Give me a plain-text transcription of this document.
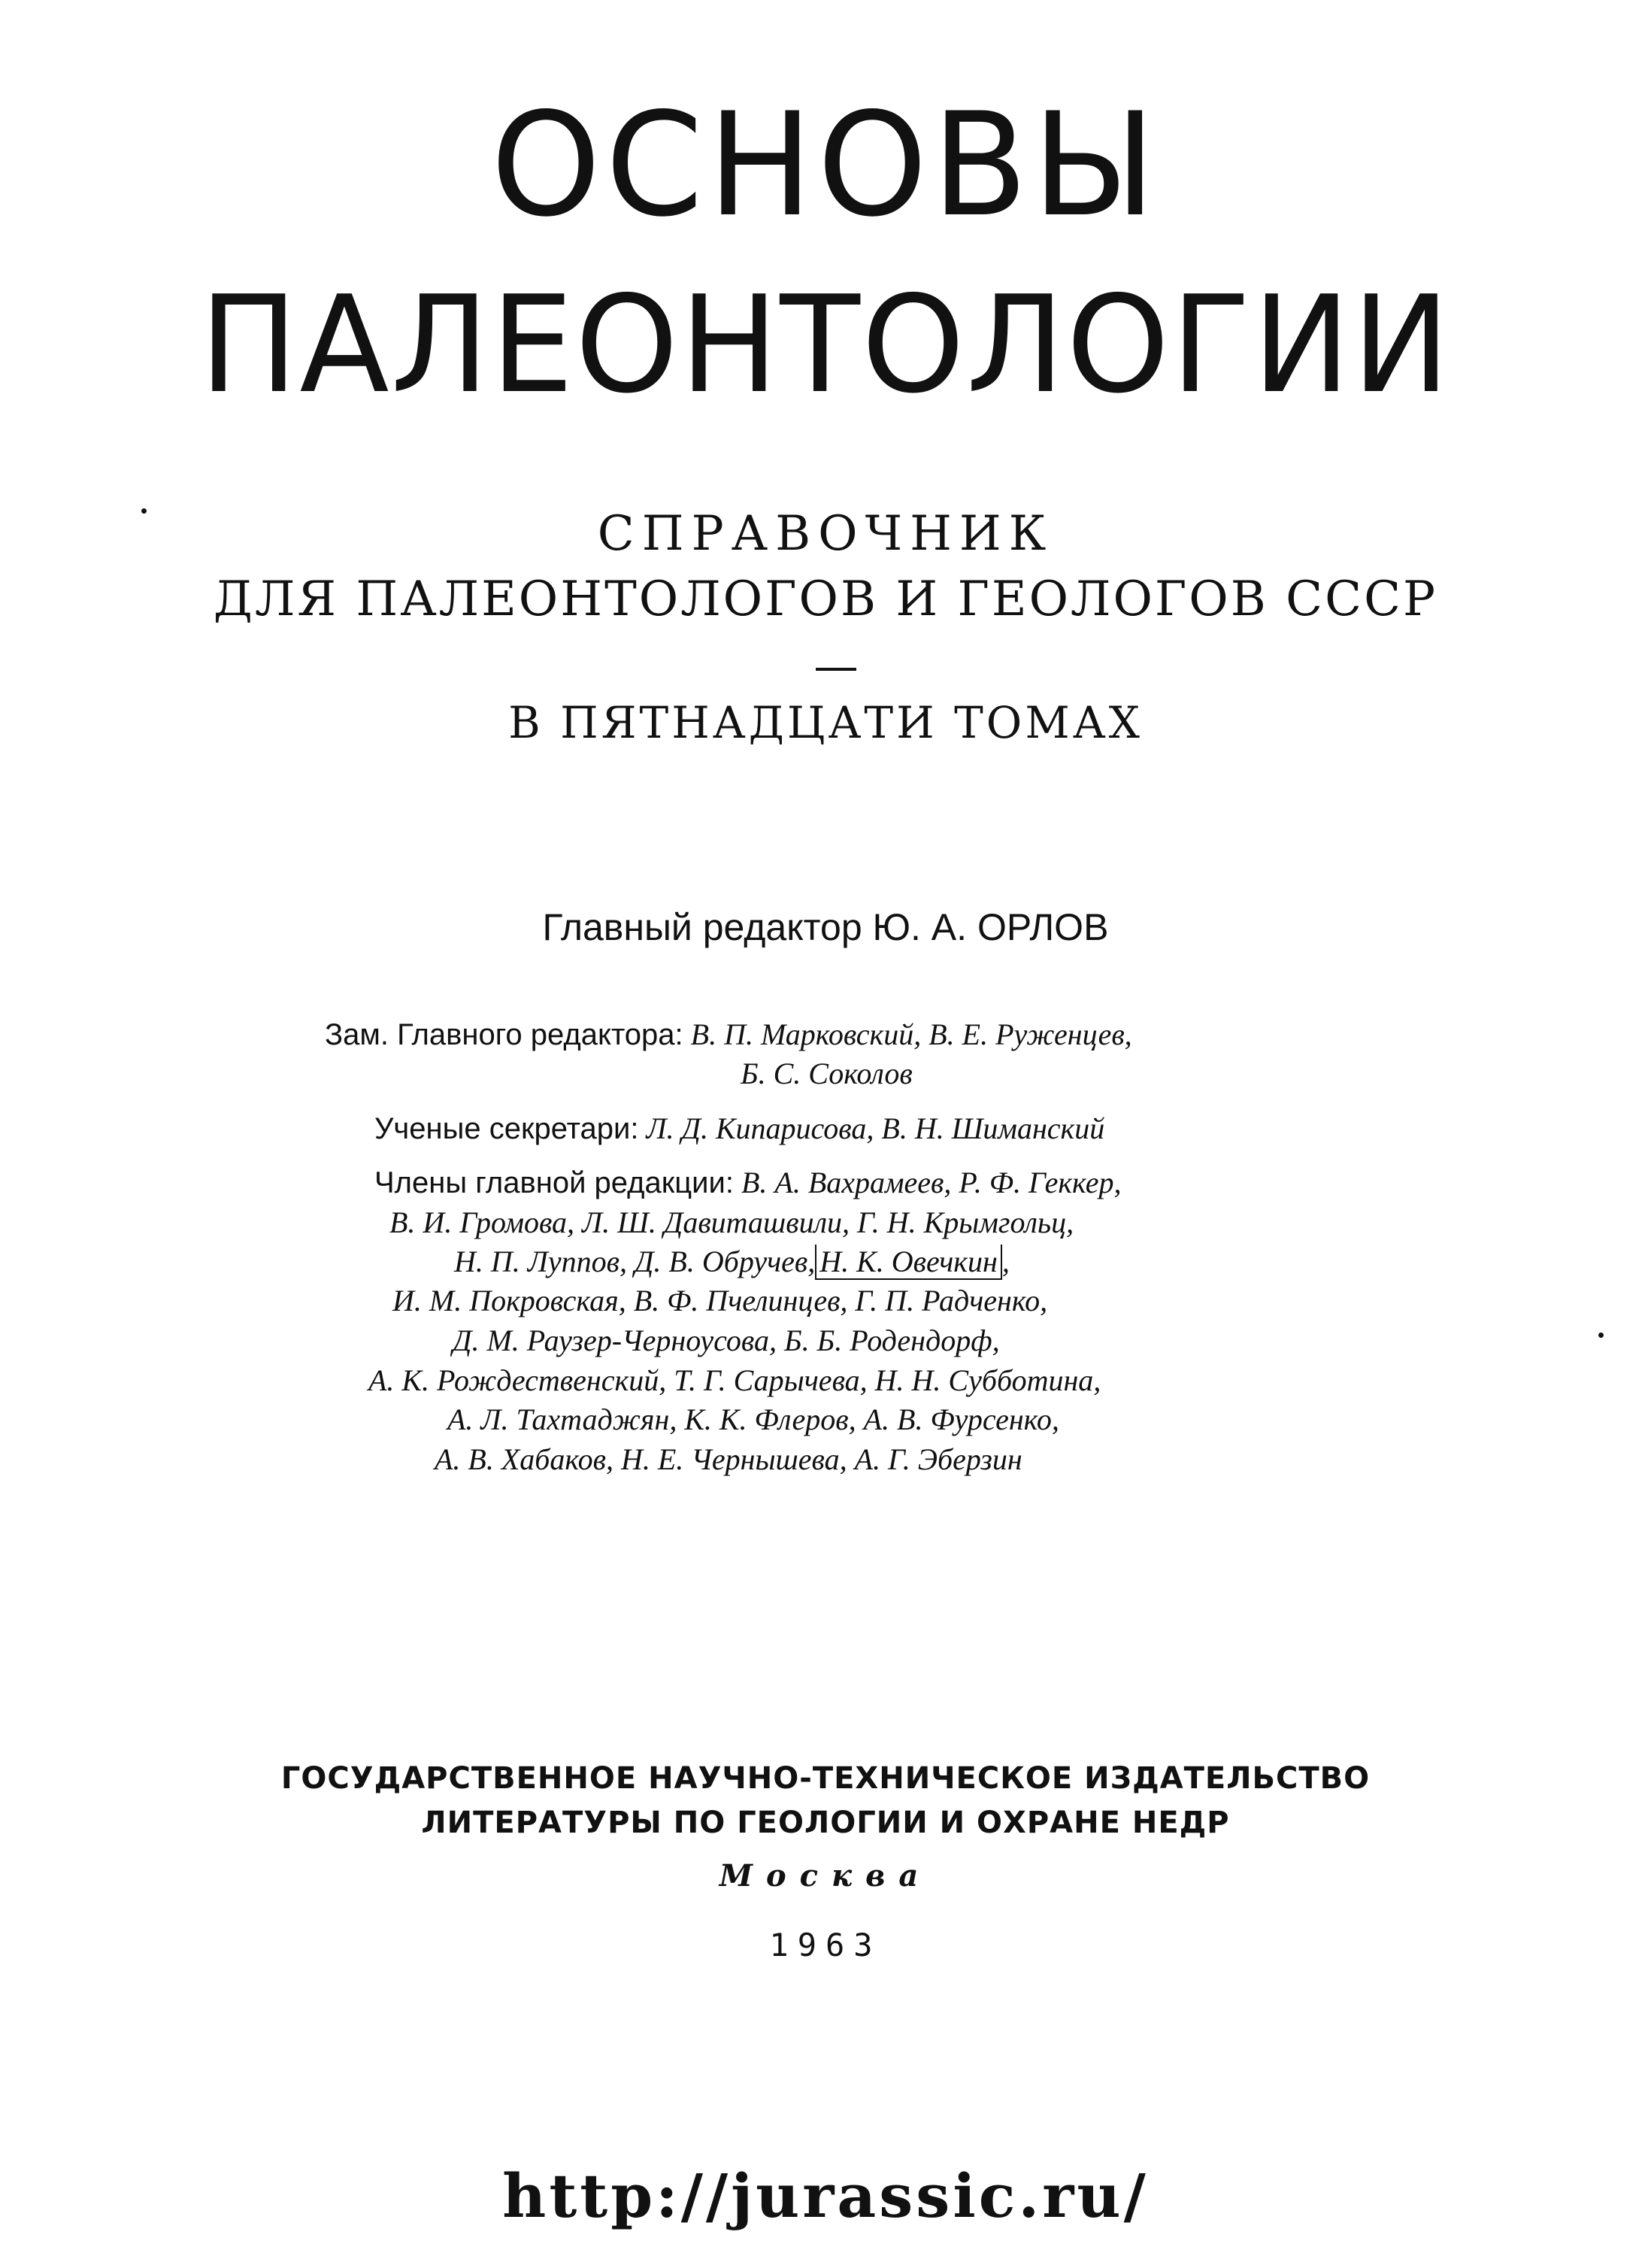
ОСНОВЫ
ПАЛЕОНТОЛОГИИ
СПРАВОЧНИК
ДЛЯ ПАЛЕОНТОЛОГОВ И ГЕОЛОГОВ СССР
В ПЯТНАДЦАТИ ТОМАХ
Главный редактор Ю. А. ОРЛОВ
Зам. Главного редактора: В. П. Марковский, В. Е. Руженцев,
Б. С. Соколов
Ученые секретари: Л. Д. Кипарисова, В. Н. Шиманский
Члены главной редакции: В. А. Вахрамеев, Р. Ф. Геккер,
В. И. Громова, Л. Ш. Давиташвили, Г. Н. Крымгольц,
Н. П. Луппов, Д. В. Обручев, Н. К. Овечкин ,
И. М. Покровская, В. Ф. Пчелинцев, Г. П. Радченко,
Д. М. Раузер-Черноусова, Б. Б. Родендорф,
А. К. Рождественский, Т. Г. Сарычева, Н. Н. Субботина,
А. Л. Тахтаджян, К. К. Флеров, А. В. Фурсенко,
А. В. Хабаков, Н. Е. Чернышева, А. Г. Эберзин
ГОСУДАРСТВЕННОЕ НАУЧНО-ТЕХНИЧЕСКОЕ ИЗДАТЕЛЬСТВО
ЛИТЕРАТУРЫ ПО ГЕОЛОГИИ И ОХРАНЕ НЕДР
Москва
1963
http://jurassic.ru/
